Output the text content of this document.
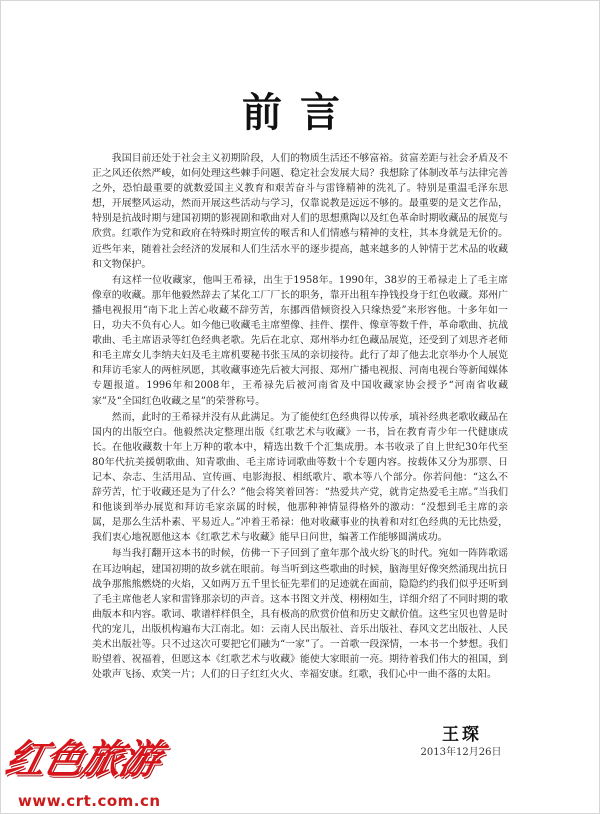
前言

我国目前还处于社会主义初期阶段，人们的物质生活还不够富裕。贫富差距与社会矛盾及不正之风还依然严峻，如何处理这些棘手问题、稳定社会发展大局？我想除了体制改革与法律完善之外，恐怕最重要的就数爱国主义教育和艰苦奋斗与雷锋精神的洗礼了。特别是重温毛泽东思想，开展整风运动，然而开展这些活动与学习，仅靠说教是远远不够的。最重要的是文艺作品，特别是抗战时期与建国初期的影视剧和歌曲对人们的思想熏陶以及红色革命时期收藏品的展览与欣赏。红歌作为党和政府在特殊时期宣传的喉舌和人们情感与精神的支柱，其本身就是无价的。近些年来，随着社会经济的发展和人们生活水平的逐步提高，越来越多的人钟情于艺术品的收藏和文物保护。

有这样一位收藏家，他叫王希禄，出生于1958年。1990年，38岁的王希禄走上了毛主席像章的收藏。那年他毅然辞去了某化工厂厂长的职务，靠开出租车挣钱投身于红色收藏。郑州广播电视报用“南下北上苦心收藏不辞劳苦，东挪西借倾资投入只缘热爱”来形容他。十多年如一日，功夫不负有心人。如今他已收藏毛主席塑像、挂件、摆件、像章等数千件，革命歌曲、抗战歌曲、毛主席语录等红色经典老歌。先后在北京、郑州举办红色藏品展览，还受到了刘思齐老师和毛主席女儿李纳夫妇及毛主席机要秘书张玉凤的亲切接待。此行了却了他去北京举办个人展览和拜访毛家人的两桩夙愿，其收藏事迹先后被大河报、郑州广播电视报、河南电视台等新闻媒体专题报道。1996年和2008年，王希禄先后被河南省及中国收藏家协会授予“河南省收藏家”及“全国红色收藏之星”的荣誉称号。

然而，此时的王希禄并没有从此满足。为了能使红色经典得以传承，填补经典老歌收藏品在国内的出版空白。他毅然决定整理出版《红歌艺术与收藏》一书，旨在教育青少年一代健康成长。在他收藏数十年上万种的歌本中，精选出数千个汇集成册。本书收录了自上世纪30年代至80年代抗美援朝歌曲、知青歌曲、毛主席诗词歌曲等数十个专题内容。按载体又分为那票、日记本、杂志、生活用品、宣传画、电影海报、相纸歌片、歌本等八个部分。你若问他：“这么不辞劳苦，忙于收藏还是为了什么？”他会将笑着回答：“热爱共产党，就肯定热爱毛主席。”当我们和他谈到举办展览和拜访毛家亲属的时候，他那种神情显得格外的激动：“没想到毛主席的亲属，是那么生活朴素、平易近人。”冲着王希禄：他对收藏事业的执着和对红色经典的无比热爱，我们衷心地祝愿他这本《红歌艺术与收藏》能早日问世，编著工作能够圆满成功。

每当我打翻开这本书的时候，仿佛一下子回到了童年那个战火纷飞的时代。宛如一阵阵歌谣在耳边响起，建国初期的故乡就在眼前。每当听到这些歌曲的时候，脑海里好像突然涌现出抗日战争那熊熊燃烧的火焰，又如两万五千里长征先辈们的足迹就在面前，隐隐约约我们似乎还听到了毛主席他老人家和雷锋那亲切的声音。这本书图文并茂、栩栩如生，详细介绍了不同时期的歌曲版本和内容。歌词、歌谱样样俱全，具有极高的欣赏价值和历史文献价值。这些宝贝也曾是时代的宠儿，出版机构遍布大江南北。如：云南人民出版社、音乐出版社、春风文艺出版社、人民美术出版社等。只不过这次可要把它们融为“一家”了。一首歌一段深情，一本书一个梦想。我们盼望着、祝福着，但愿这本《红歌艺术与收藏》能使大家眼前一亮。期待着我们伟大的祖国，到处歌声飞扬、欢笑一片；人们的日子红红火火、幸福安康。红歌，我们心中一曲不落的太阳。

王琛
2013年12月26日
红色旅游
www.crt.com.cn
